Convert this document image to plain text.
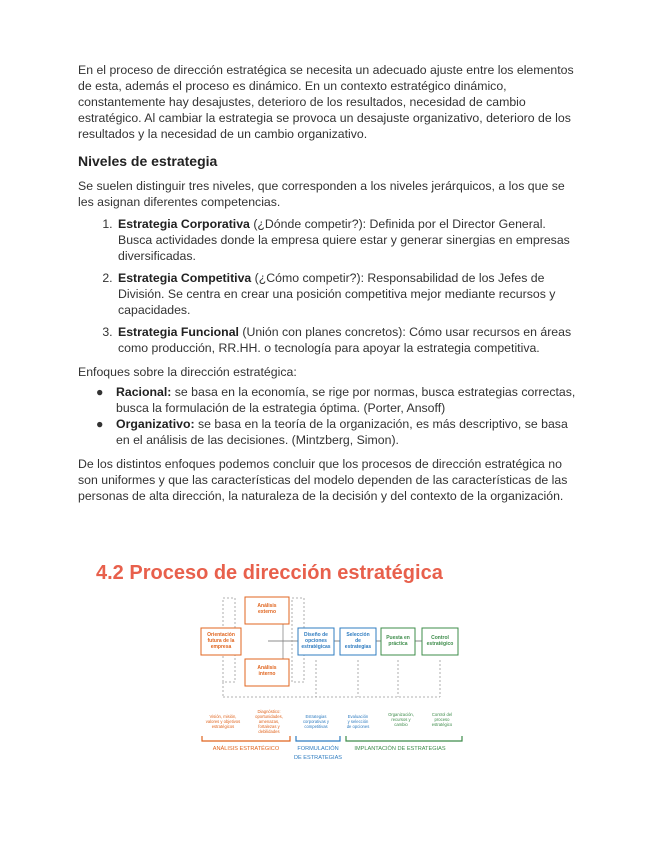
En el proceso de dirección estratégica se necesita un adecuado ajuste entre los elementos de esta, además el proceso es dinámico. En un contexto estratégico dinámico, constantemente hay desajustes, deterioro de los resultados, necesidad de cambio estratégico. Al cambiar la estrategia se provoca un desajuste organizativo, deterioro de los resultados y la necesidad de un cambio organizativo.

Niveles de estrategia

Se suelen distinguir tres niveles, que corresponden a los niveles jerárquicos, a los que se les asignan diferentes competencias.

1. Estrategia Corporativa (¿Dónde competir?): Definida por el Director General. Busca actividades donde la empresa quiere estar y generar sinergias en empresas diversificadas.
2. Estrategia Competitiva (¿Cómo competir?): Responsabilidad de los Jefes de División. Se centra en crear una posición competitiva mejor mediante recursos y capacidades.
3. Estrategia Funcional (Unión con planes concretos): Cómo usar recursos en áreas como producción, RR.HH. o tecnología para apoyar la estrategia competitiva.

Enfoques sobre la dirección estratégica:

● Racional: se basa en la economía, se rige por normas, busca estrategias correctas, busca la formulación de la estrategia óptima. (Porter, Ansoff)
● Organizativo: se basa en la teoría de la organización, es más descriptivo, se basa en el análisis de las decisiones. (Mintzberg, Simon).

De los distintos enfoques podemos concluir que los procesos de dirección estratégica no son uniformes y que las características del modelo dependen de las características de las personas de alta dirección, la naturaleza de la decisión y del contexto de la organización.

4.2 Proceso de dirección estratégica
Análisis externo
Orientación futura de la empresa
Análisis interno
Diseño de opciones estratégicas
Selección de estrategias
Puesta en práctica
Control estratégico
Visión, misión, valores y objetivos estratégicos
Diagnóstico: oportunidades, amenazas, fortalezas y debilidades
Estrategias corporativas y competitivas
Evaluación y selección de opciones
Organización, recursos y cambio
Control del proceso estratégico
ANÁLISIS ESTRATÉGICO	FORMULACIÓN
DE ESTRATEGIAS
IMPLANTACIÓN DE ESTRATEGIAS
